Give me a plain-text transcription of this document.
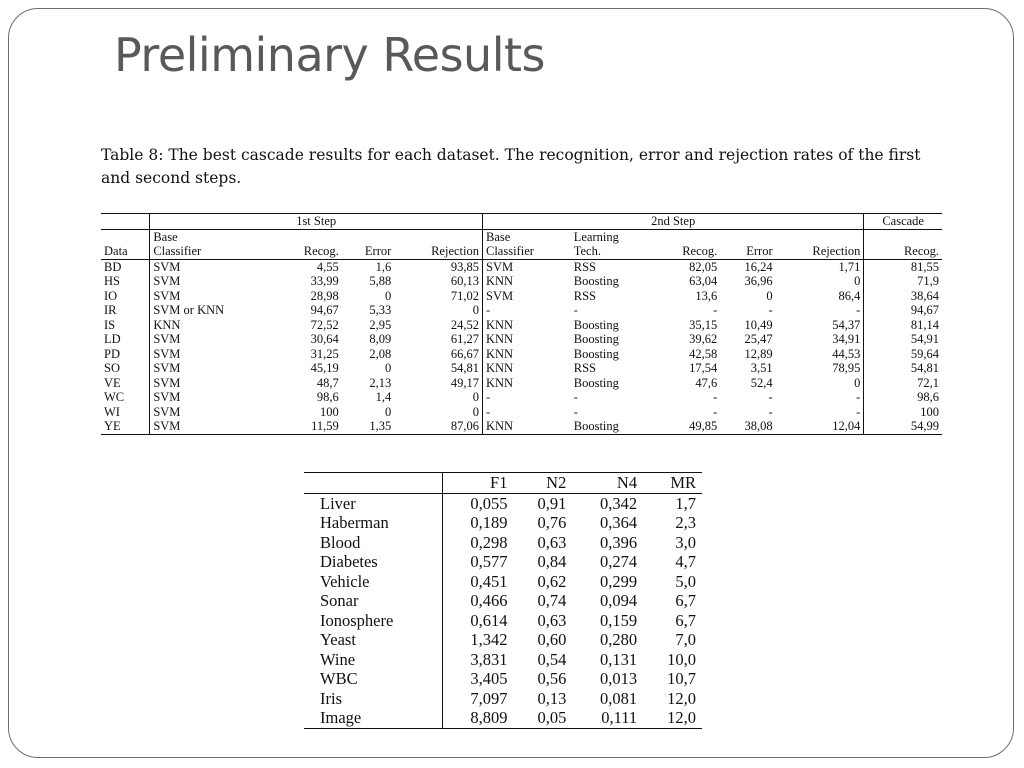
Preliminary Results
Table 8: The best cascade results for each dataset. The recognition, error and rejection rates of the first and second steps.
	1st Step				2nd Step					Cascade
	Base				Base	Learning				
Data	Classifier	Recog.	Error	Rejection	Classifier	Tech.	Recog.	Error	Rejection	Recog.
BD	SVM	4,55	1,6	93,85	SVM	RSS	82,05	16,24	1,71	81,55
HS	SVM	33,99	5,88	60,13	KNN	Boosting	63,04	36,96	0	71,9
IO	SVM	28,98	0	71,02	SVM	RSS	13,6	0	86,4	38,64
IR	SVM or KNN	94,67	5,33	0	-	-	-	-	-	94,67
IS	KNN	72,52	2,95	24,52	KNN	Boosting	35,15	10,49	54,37	81,14
LD	SVM	30,64	8,09	61,27	KNN	Boosting	39,62	25,47	34,91	54,91
PD	SVM	31,25	2,08	66,67	KNN	Boosting	42,58	12,89	44,53	59,64
SO	SVM	45,19	0	54,81	KNN	RSS	17,54	3,51	78,95	54,81
VE	SVM	48,7	2,13	49,17	KNN	Boosting	47,6	52,4	0	72,1
WC	SVM	98,6	1,4	0	-	-	-	-	-	98,6
WI	SVM	100	0	0	-	-	-	-	-	100
YE	SVM	11,59	1,35	87,06	KNN	Boosting	49,85	38,08	12,04	54,99
	F1	N2	N4	MR
Liver	0,055	0,91	0,342	1,7
Haberman	0,189	0,76	0,364	2,3
Blood	0,298	0,63	0,396	3,0
Diabetes	0,577	0,84	0,274	4,7
Vehicle	0,451	0,62	0,299	5,0
Sonar	0,466	0,74	0,094	6,7
Ionosphere	0,614	0,63	0,159	6,7
Yeast	1,342	0,60	0,280	7,0
Wine	3,831	0,54	0,131	10,0
WBC	3,405	0,56	0,013	10,7
Iris	7,097	0,13	0,081	12,0
Image	8,809	0,05	0,111	12,0
